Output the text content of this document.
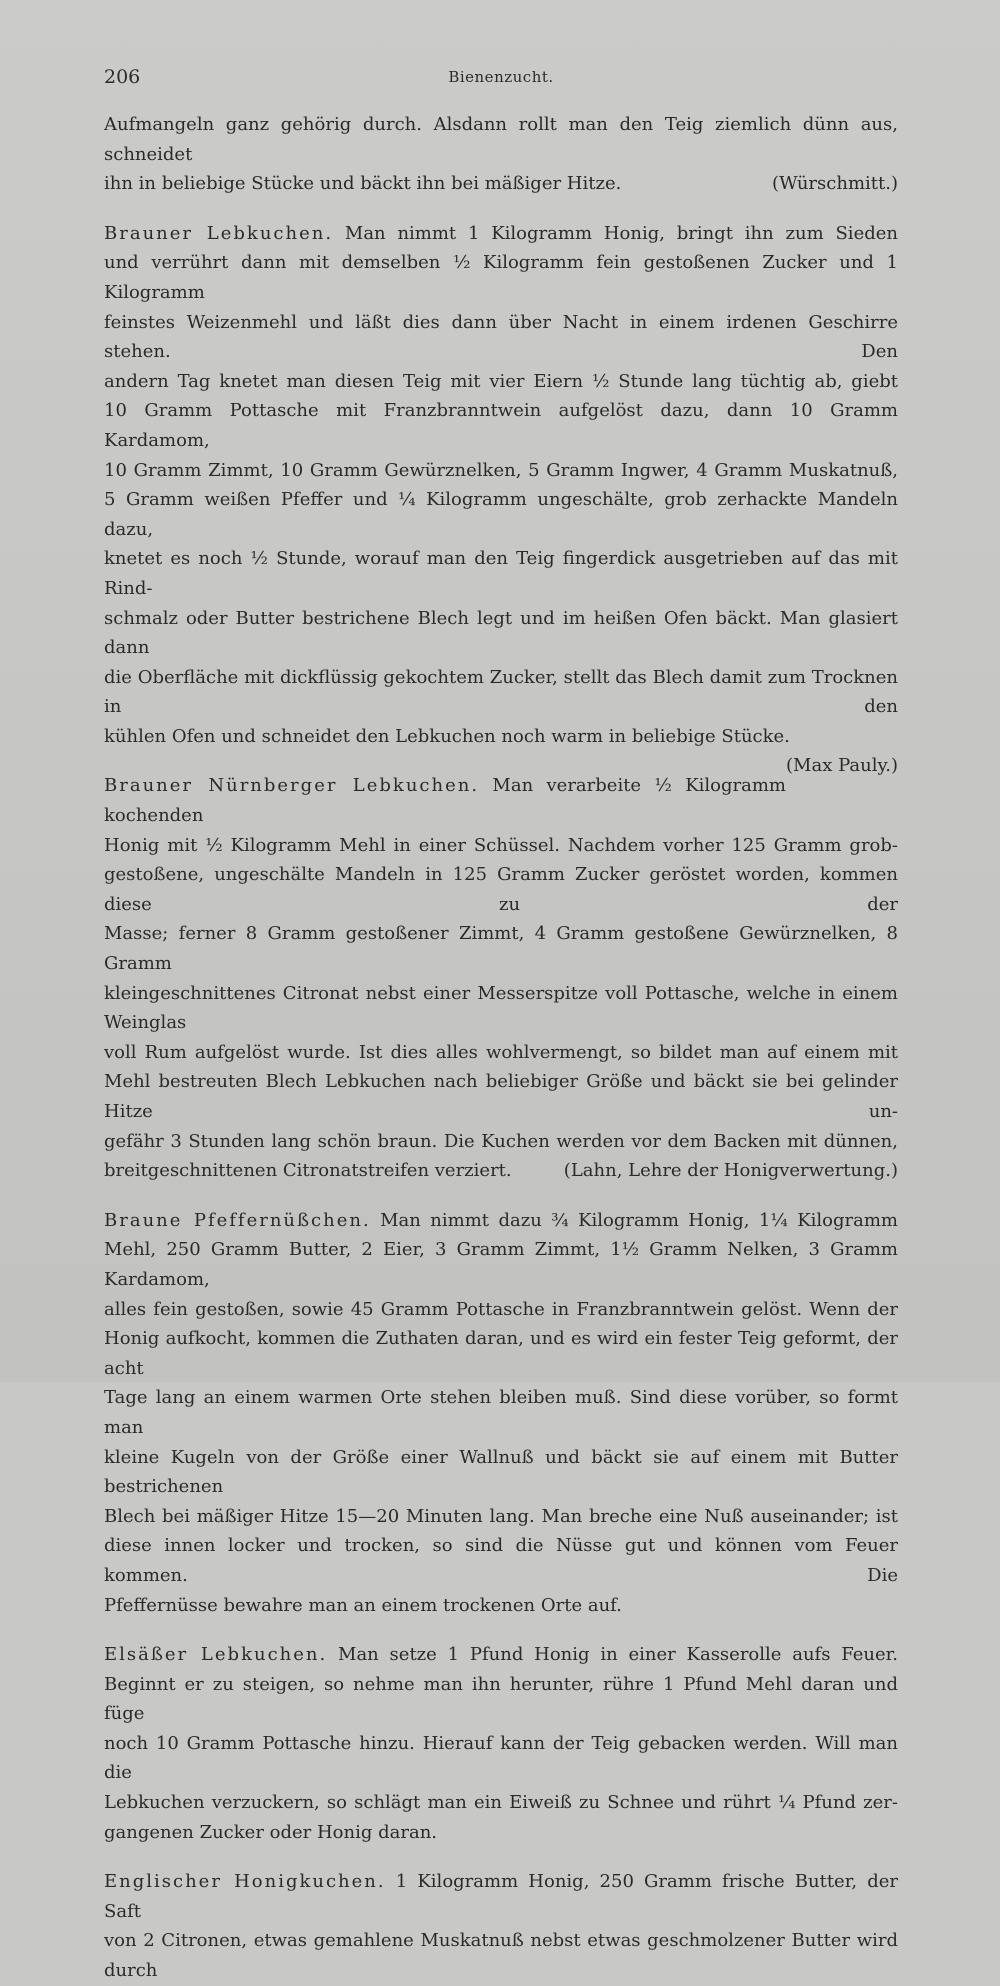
206	Bienenzucht.
Aufmangeln ganz gehörig durch. Alsdann rollt man den Teig ziemlich dünn aus, schneidet
ihn in beliebige Stücke und bäckt ihn bei mäßiger Hitze.	(Würschmitt.)
Brauner Lebkuchen. Man nimmt 1 Kilogramm Honig, bringt ihn zum Sieden
und verrührt dann mit demselben ½ Kilogramm fein gestoßenen Zucker und 1 Kilogramm
feinstes Weizenmehl und läßt dies dann über Nacht in einem irdenen Geschirre stehen. Den
andern Tag knetet man diesen Teig mit vier Eiern ½ Stunde lang tüchtig ab, giebt
10 Gramm Pottasche mit Franzbranntwein aufgelöst dazu, dann 10 Gramm Kardamom,
10 Gramm Zimmt, 10 Gramm Gewürznelken, 5 Gramm Ingwer, 4 Gramm Muskatnuß,
5 Gramm weißen Pfeffer und ¼ Kilogramm ungeschälte, grob zerhackte Mandeln dazu,
knetet es noch ½ Stunde, worauf man den Teig fingerdick ausgetrieben auf das mit Rind-
schmalz oder Butter bestrichene Blech legt und im heißen Ofen bäckt. Man glasiert dann
die Oberfläche mit dickflüssig gekochtem Zucker, stellt das Blech damit zum Trocknen in den
kühlen Ofen und schneidet den Lebkuchen noch warm in beliebige Stücke.
(Max Pauly.)
Brauner Nürnberger Lebkuchen. Man verarbeite ½ Kilogramm kochenden
Honig mit ½ Kilogramm Mehl in einer Schüssel. Nachdem vorher 125 Gramm grob-
gestoßene, ungeschälte Mandeln in 125 Gramm Zucker geröstet worden, kommen diese zu der
Masse; ferner 8 Gramm gestoßener Zimmt, 4 Gramm gestoßene Gewürznelken, 8 Gramm
kleingeschnittenes Citronat nebst einer Messerspitze voll Pottasche, welche in einem Weinglas
voll Rum aufgelöst wurde. Ist dies alles wohlvermengt, so bildet man auf einem mit
Mehl bestreuten Blech Lebkuchen nach beliebiger Größe und bäckt sie bei gelinder Hitze un-
gefähr 3 Stunden lang schön braun. Die Kuchen werden vor dem Backen mit dünnen,
breitgeschnittenen Citronatstreifen verziert.	(Lahn, Lehre der Honigverwertung.)
Braune Pfeffernüßchen. Man nimmt dazu ¾ Kilogramm Honig, 1¼ Kilogramm
Mehl, 250 Gramm Butter, 2 Eier, 3 Gramm Zimmt, 1½ Gramm Nelken, 3 Gramm Kardamom,
alles fein gestoßen, sowie 45 Gramm Pottasche in Franzbranntwein gelöst. Wenn der
Honig aufkocht, kommen die Zuthaten daran, und es wird ein fester Teig geformt, der acht
Tage lang an einem warmen Orte stehen bleiben muß. Sind diese vorüber, so formt man
kleine Kugeln von der Größe einer Wallnuß und bäckt sie auf einem mit Butter bestrichenen
Blech bei mäßiger Hitze 15—20 Minuten lang. Man breche eine Nuß auseinander; ist
diese innen locker und trocken, so sind die Nüsse gut und können vom Feuer kommen. Die
Pfeffernüsse bewahre man an einem trockenen Orte auf.
Elsäßer Lebkuchen. Man setze 1 Pfund Honig in einer Kasserolle aufs Feuer.
Beginnt er zu steigen, so nehme man ihn herunter, rühre 1 Pfund Mehl daran und füge
noch 10 Gramm Pottasche hinzu. Hierauf kann der Teig gebacken werden. Will man die
Lebkuchen verzuckern, so schlägt man ein Eiweiß zu Schnee und rührt ¼ Pfund zer-
gangenen Zucker oder Honig daran.
Englischer Honigkuchen. 1 Kilogramm Honig, 250 Gramm frische Butter, der Saft
von 2 Citronen, etwas gemahlene Muskatnuß nebst etwas geschmolzener Butter wird durch
